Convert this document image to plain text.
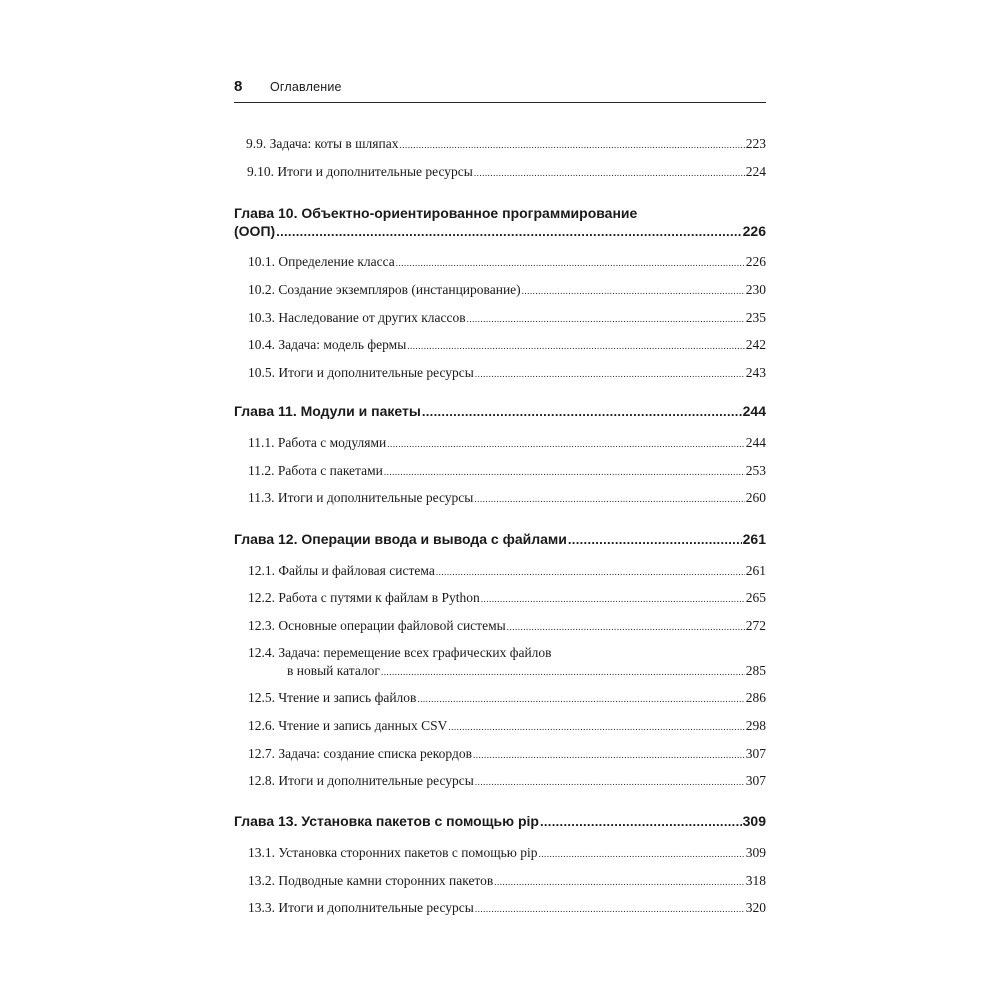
8	Оглавление
9.9. Задача: коты в шляпах .....	223
9.10. Итоги и дополнительные ресурсы .....	224
Глава 10. Объектно-ориентированное программирование
(ООП) .....	226
10.1. Определение класса .....	226
10.2. Создание экземпляров (инстанцирование) .....	230
10.3. Наследование от других классов .....	235
10.4. Задача: модель фермы .....	242
10.5. Итоги и дополнительные ресурсы .....	243
Глава 11. Модули и пакеты .....	244
11.1. Работа с модулями .....	244
11.2. Работа с пакетами .....	253
11.3. Итоги и дополнительные ресурсы .....	260
Глава 12. Операции ввода и вывода с файлами .....	261
12.1. Файлы и файловая система .....	261
12.2. Работа с путями к файлам в Python .....	265
12.3. Основные операции файловой системы .....	272
12.4. Задача: перемещение всех графических файлов
в новый каталог .....	285
12.5. Чтение и запись файлов .....	286
12.6. Чтение и запись данных CSV .....	298
12.7. Задача: создание списка рекордов .....	307
12.8. Итоги и дополнительные ресурсы .....	307
Глава 13. Установка пакетов с помощью pip .....	309
13.1. Установка сторонних пакетов с помощью pip .....	309
13.2. Подводные камни сторонних пакетов .....	318
13.3. Итоги и дополнительные ресурсы .....	320
